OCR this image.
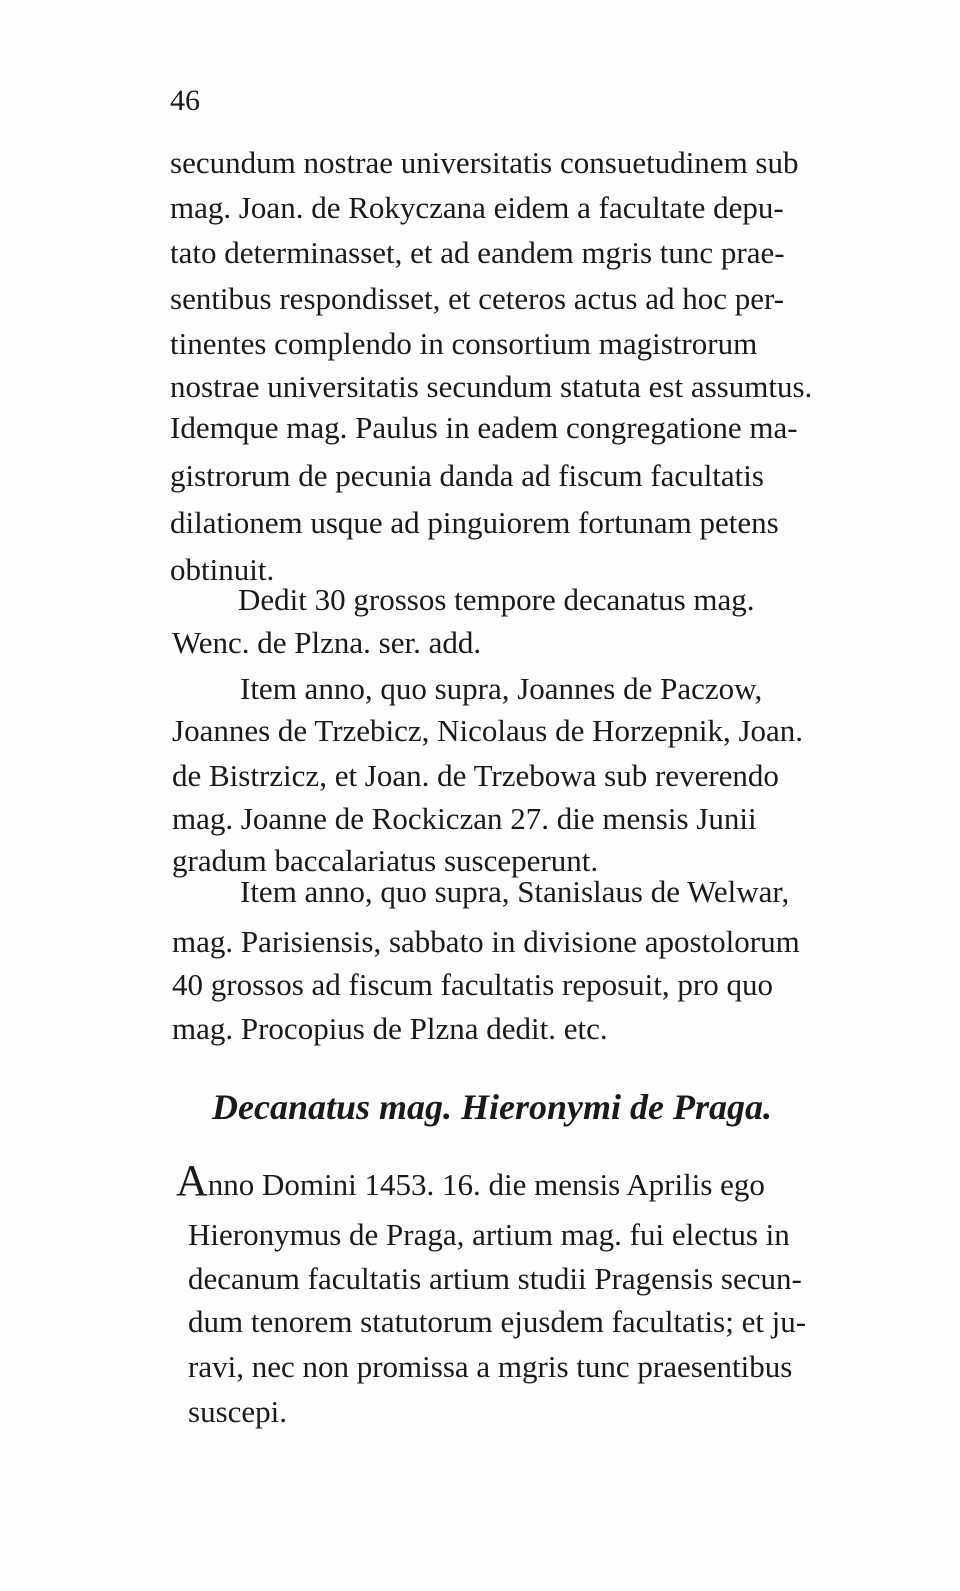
46
secundum nostrae universitatis consuetudinem sub
mag. Joan. de Rokyczana eidem a facultate depu-
tato determinasset, et ad eandem mgris tunc prae-
sentibus respondisset, et ceteros actus ad hoc per-
tinentes complendo in consortium magistrorum
nostrae universitatis secundum statuta est assumtus.
Idemque mag. Paulus in eadem congregatione ma-
gistrorum de pecunia danda ad fiscum facultatis
dilationem usque ad pinguiorem fortunam petens
obtinuit.
Dedit 30 grossos tempore decanatus mag.
Wenc. de Plzna. ser. add.
Item anno, quo supra, Joannes de Paczow,
Joannes de Trzebicz, Nicolaus de Horzepnik, Joan.
de Bistrzicz, et Joan. de Trzebowa sub reverendo
mag. Joanne de Rockiczan 27. die mensis Junii
gradum baccalariatus susceperunt.
Item anno, quo supra, Stanislaus de Welwar,
mag. Parisiensis, sabbato in divisione apostolorum
40 grossos ad fiscum facultatis reposuit, pro quo
mag. Procopius de Plzna dedit. etc.
Decanatus mag. Hieronymi de Praga.
Anno Domini 1453. 16. die mensis Aprilis ego
Hieronymus de Praga, artium mag. fui electus in
decanum facultatis artium studii Pragensis secun-
dum tenorem statutorum ejusdem facultatis; et ju-
ravi, nec non promissa a mgris tunc praesentibus
suscepi.
